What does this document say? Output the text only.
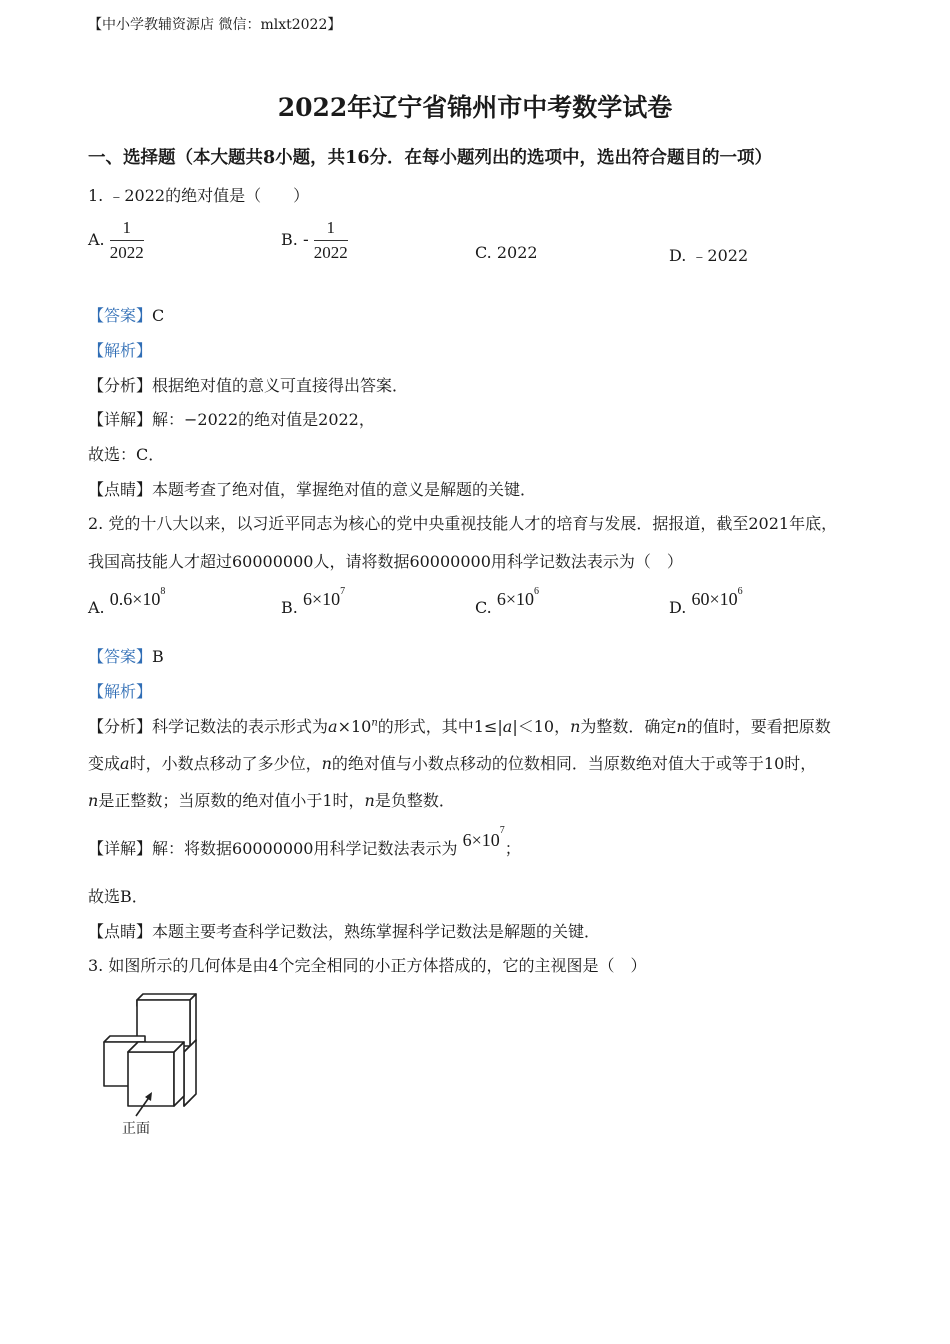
【中小学教辅资源店 微信：mlxt2022】
2022年辽宁省锦州市中考数学试卷
一、选择题（本大题共8小题，共16分．在每小题列出的选项中，选出符合题目的一项）
1. ﹣2022的绝对值是（　　）
A. $\frac{1}{2022}$	B. - $\frac{1}{2022}$	C. 2022	D. ﹣2022
【答案】C
【解析】
【分析】根据绝对值的意义可直接得出答案．
【详解】解：−2022的绝对值是2022，
故选：C．
【点睛】本题考查了绝对值，掌握绝对值的意义是解题的关键．
2. 党的十八大以来，以习近平同志为核心的党中央重视技能人才的培育与发展．据报道，截至2021年底，
我国高技能人才超过60000000人，请将数据60000000用科学记数法表示为（　）
A. $0.6\times 10^8$
B. $6\times 10^7$
C. $6\times 10^6$
D. $60\times 10^6$
【答案】B
【解析】
【分析】科学记数法的表示形式为$a\times 10^n$的形式，其中1≤|a|＜10，n为整数．确定n的值时，要看把原数
变成a时，小数点移动了多少位，n的绝对值与小数点移动的位数相同．当原数绝对值大于或等于10时，
n是正整数；当原数的绝对值小于1时，n是负整数．
【详解】解：将数据60000000用科学记数法表示为 $6\times 10^7$；
故选B．
【点睛】本题主要考查科学记数法，熟练掌握科学记数法是解题的关键．
3. 如图所示的几何体是由4个完全相同的小正方体搭成的，它的主视图是（　）
正面
